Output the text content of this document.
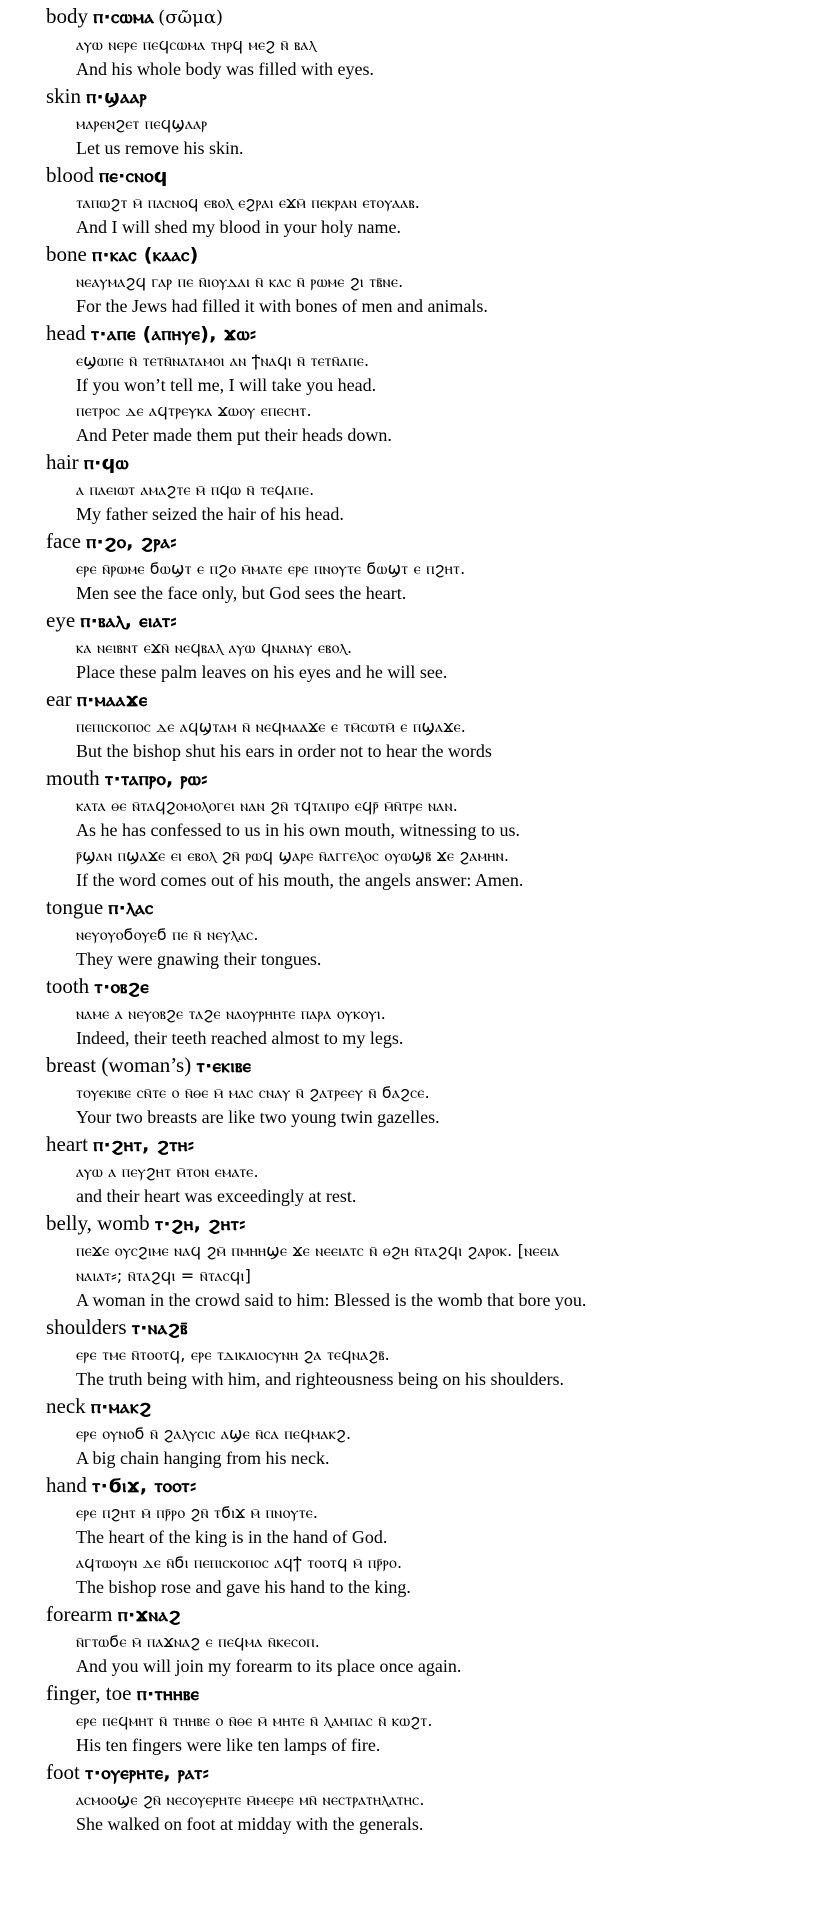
body ⲡ·ⲥⲱⲙⲁ (σῶμα)
ⲁⲩⲱ ⲛⲉⲣⲉ ⲡⲉϥⲥⲱⲙⲁ ⲧⲏⲣϥ ⲙⲉϩ ⲛ̄ ⲃⲁⲗ
And his whole body was filled with eyes.
skin ⲡ·ϣⲁⲁⲣ
ⲙⲁⲣⲉⲛϩⲉⲧ ⲡⲉϥϣⲁⲁⲣ
Let us remove his skin.
blood ⲡⲉ·ⲥⲛⲟϥ
ⲧⲁⲡⲱϩⲧ ⲙ̄ ⲡⲁⲥⲛⲟϥ ⲉⲃⲟⲗ ⲉϩⲣⲁⲓ ⲉϫⲙ̄ ⲡⲉⲕⲣⲁⲛ ⲉⲧⲟⲩⲁⲁⲃ.
And I will shed my blood in your holy name.
bone ⲡ·ⲕⲁⲥ (ⲕⲁⲁⲥ)
ⲛⲉⲁⲩⲙⲁϩϥ ⲅⲁⲣ ⲡⲉ ⲛ̄ⲓⲟⲩⲇⲁⲓ ⲛ̄ ⲕⲁⲥ ⲛ̄ ⲣⲱⲙⲉ ϩⲓ ⲧⲃ̄ⲛⲉ.
For the Jews had filled it with bones of men and animals.
head ⲧ·ⲁⲡⲉ (ⲁⲡⲏⲩⲉ), ϫⲱ⸗
ⲉϣⲱⲡⲉ ⲛ̄ ⲧⲉⲧⲛ̄ⲛⲁⲧⲁⲙⲟⲓ ⲁⲛ ϯⲛⲁϥⲓ ⲛ̄ ⲧⲉⲧⲛ̄ⲁⲡⲉ.
If you won’t tell me, I will take you head.
ⲡⲉⲧⲣⲟⲥ ⲇⲉ ⲁϥⲧⲣⲉⲩⲕⲁ ϫⲱⲟⲩ ⲉⲡⲉⲥⲏⲧ.
And Peter made them put their heads down.
hair ⲡ·ϥⲱ
ⲁ ⲡⲁⲉⲓⲱⲧ ⲁⲙⲁϩⲧⲉ ⲙ̄ ⲡϥⲱ ⲛ̄ ⲧⲉϥⲁⲡⲉ.
My father seized the hair of his head.
face ⲡ·ϩⲟ, ϩⲣⲁ⸗
ⲉⲣⲉ ⲛ̄ⲣⲱⲙⲉ ϭⲱϣⲧ ⲉ ⲡϩⲟ ⲙ̄ⲙⲁⲧⲉ ⲉⲣⲉ ⲡⲛⲟⲩⲧⲉ ϭⲱϣⲧ ⲉ ⲡϩⲏⲧ.
Men see the face only, but God sees the heart.
eye ⲡ·ⲃⲁⲗ, ⲉⲓⲁⲧ⸗
ⲕⲁ ⲛⲉⲓⲃⲛⲧ ⲉϫⲛ̄ ⲛⲉϥⲃⲁⲗ ⲁⲩⲱ ϥⲛⲁⲛⲁⲩ ⲉⲃⲟⲗ.
Place these palm leaves on his eyes and he will see.
ear ⲡ·ⲙⲁⲁϫⲉ
ⲡⲉⲡⲓⲥⲕⲟⲡⲟⲥ ⲇⲉ ⲁϥϣⲧⲁⲙ ⲛ̄ ⲛⲉϥⲙⲁⲁϫⲉ ⲉ ⲧⲙ̄ⲥⲱⲧⲙ̄ ⲉ ⲡϣⲁϫⲉ.
But the bishop shut his ears in order not to hear the words
mouth ⲧ·ⲧⲁⲡⲣⲟ, ⲣⲱ⸗
ⲕⲁⲧⲁ ⲑⲉ ⲛ̄ⲧⲁϥϩⲟⲙⲟⲗⲟⲅⲉⲓ ⲛⲁⲛ ϩⲛ̄ ⲧϥⲧⲁⲡⲣⲟ ⲉϥⲣ̄ ⲙ̄ⲛ̄ⲧⲣⲉ ⲛⲁⲛ.
As he has confessed to us in his own mouth, witnessing to us.
ⲣ̄ϣⲁⲛ ⲡϣⲁϫⲉ ⲉⲓ ⲉⲃⲟⲗ ϩⲛ̄ ⲣⲱϥ ϣⲁⲣⲉ ⲛ̄ⲁⲅⲅⲉⲗⲟⲥ ⲟⲩⲱϣⲃ̄ ϫⲉ ϩⲁⲙⲏⲛ.
If the word comes out of his mouth, the angels answer: Amen.
tongue ⲡ·ⲗⲁⲥ
ⲛⲉⲩⲟⲩⲟϭⲟⲩⲉϭ ⲡⲉ ⲛ̄ ⲛⲉⲩⲗⲁⲥ.
They were gnawing their tongues.
tooth ⲧ·ⲟⲃϩⲉ
ⲛⲁⲙⲉ ⲁ ⲛⲉⲩⲟⲃϩⲉ ⲧⲁϩⲉ ⲛⲁⲟⲩⲣⲏⲏⲧⲉ ⲡⲁⲣⲁ ⲟⲩⲕⲟⲩⲓ.
Indeed, their teeth reached almost to my legs.
breast (woman’s) ⲧ·ⲉⲕⲓⲃⲉ
ⲧⲟⲩⲉⲕⲓⲃⲉ ⲥⲛ̄ⲧⲉ ⲟ ⲛ̄ⲑⲉ ⲙ̄ ⲙⲁⲥ ⲥⲛⲁⲩ ⲛ̄ ϩⲁⲧⲣⲉⲉⲩ ⲛ̄ ϭⲁϩⲥⲉ.
Your two breasts are like two young twin gazelles.
heart ⲡ·ϩⲏⲧ, ϩⲧⲏ⸗
ⲁⲩⲱ ⲁ ⲡⲉⲩϩⲏⲧ ⲙ̄ⲧⲟⲛ ⲉⲙⲁⲧⲉ.
and their heart was exceedingly at rest.
belly, womb ⲧ·ϩⲏ, ϩⲏⲧ⸗
ⲡⲉϫⲉ ⲟⲩⲥϩⲓⲙⲉ ⲛⲁϥ ϩⲙ̄ ⲡⲙⲏⲏϣⲉ ϫⲉ ⲛⲉⲉⲓⲁⲧⲥ ⲛ̄ ⲑϩⲏ ⲛ̄ⲧⲁϩϥⲓ ϩⲁⲣⲟⲕ. [ⲛⲉⲉⲓⲁ
ⲛⲁⲓⲁⲧ⸗; ⲛ̄ⲧⲁϩϥⲓ = ⲛ̄ⲧⲁⲥϥⲓ]
A woman in the crowd said to him: Blessed is the womb that bore you.
shoulders ⲧ·ⲛⲁϩⲃ̄
ⲉⲣⲉ ⲧⲙⲉ ⲛ̄ⲧⲟⲟⲧϥ, ⲉⲣⲉ ⲧⲇⲓⲕⲁⲓⲟⲥⲩⲛⲏ ϩⲁ ⲧⲉϥⲛⲁϩⲃ̄.
The truth being with him, and righteousness being on his shoulders.
neck ⲡ·ⲙⲁⲕϩ
ⲉⲣⲉ ⲟⲩⲛⲟϭ ⲛ̄ ϩⲁⲗⲩⲥⲓⲥ ⲁϣⲉ ⲛ̄ⲥⲁ ⲡⲉϥⲙⲁⲕϩ.
A big chain hanging from his neck.
hand ⲧ·ϭⲓϫ, ⲧⲟⲟⲧ⸗
ⲉⲣⲉ ⲡϩⲏⲧ ⲙ̄ ⲡⲣ̄ⲣⲟ ϩⲛ̄ ⲧϭⲓϫ ⲙ̄ ⲡⲛⲟⲩⲧⲉ.
The heart of the king is in the hand of God.
ⲁϥⲧⲱⲟⲩⲛ ⲇⲉ ⲛ̄ϭⲓ ⲡⲉⲡⲓⲥⲕⲟⲡⲟⲥ ⲁϥϯ ⲧⲟⲟⲧϥ ⲙ̄ ⲡⲣ̄ⲣⲟ.
The bishop rose and gave his hand to the king.
forearm ⲡ·ϫⲛⲁϩ
ⲛ̄ⲅⲧⲱϭⲉ ⲙ̄ ⲡⲁϫⲛⲁϩ ⲉ ⲡⲉϥⲙⲁ ⲛ̄ⲕⲉⲥⲟⲡ.
And you will join my forearm to its place once again.
finger, toe ⲡ·ⲧⲏⲏⲃⲉ
ⲉⲣⲉ ⲡⲉϥⲙⲏⲧ ⲛ̄ ⲧⲏⲏⲃⲉ ⲟ ⲛ̄ⲑⲉ ⲙ̄ ⲙⲏⲧⲉ ⲛ̄ ⲗⲁⲙⲡⲁⲥ ⲛ̄ ⲕⲱϩⲧ.
His ten fingers were like ten lamps of fire.
foot ⲧ·ⲟⲩⲉⲣⲏⲧⲉ, ⲣⲁⲧ⸗
ⲁⲥⲙⲟⲟϣⲉ ϩⲛ̄ ⲛⲉⲥⲟⲩⲉⲣⲏⲧⲉ ⲙ̄ⲙⲉⲉⲣⲉ ⲙⲛ̄ ⲛⲉⲥⲧⲣⲁⲧⲏⲗⲁⲧⲏⲥ.
She walked on foot at midday with the generals.
